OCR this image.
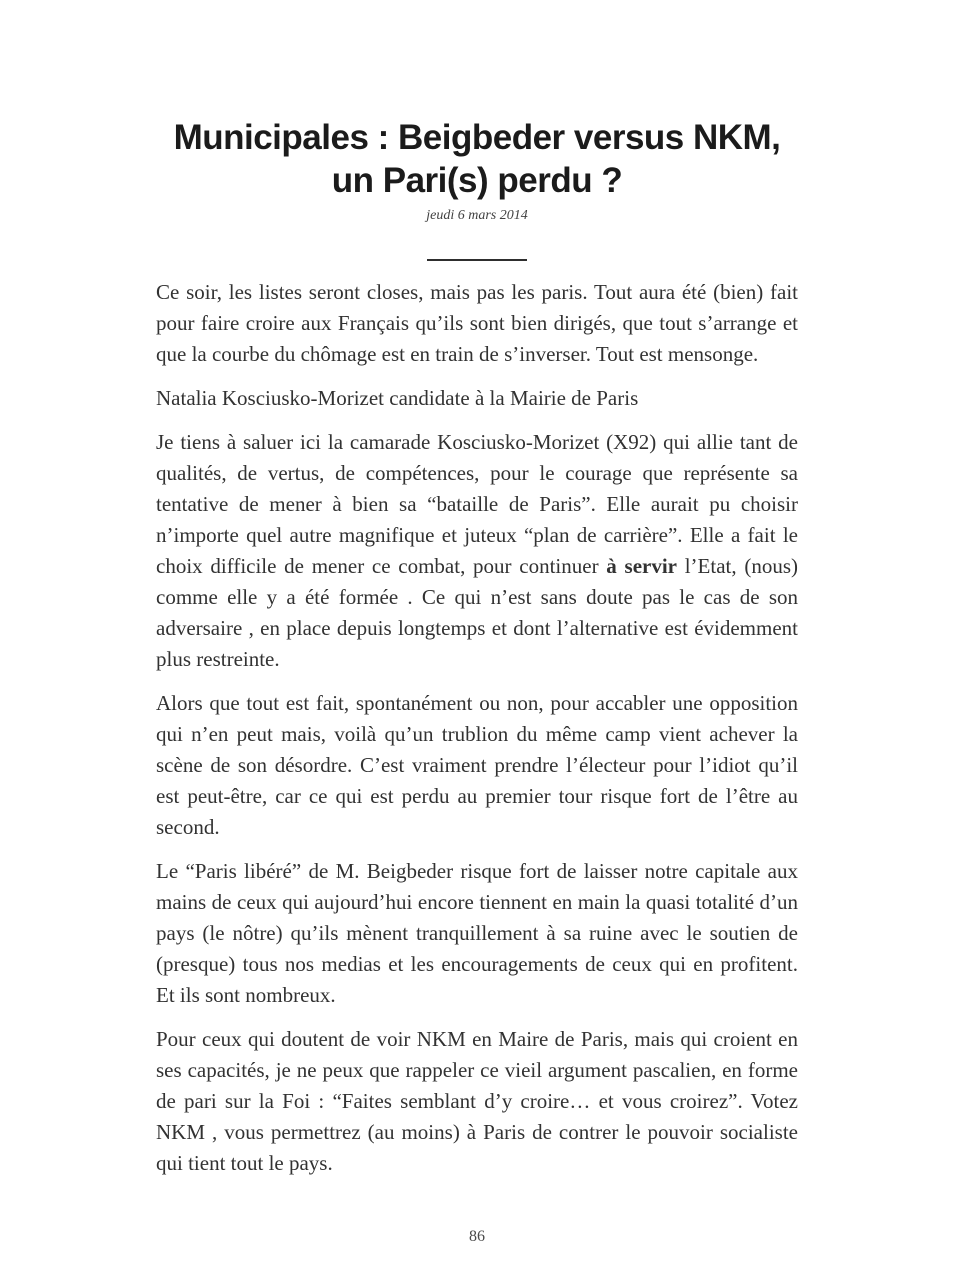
Municipales : Beigbeder versus NKM,
un Pari(s) perdu ?
jeudi 6 mars 2014

Ce soir, les listes seront closes, mais pas les paris. Tout aura été (bien) fait pour faire croire aux Français qu’ils sont bien dirigés, que tout s’arrange et que la courbe du chômage est en train de s’inverser. Tout est mensonge.

Natalia Kosciusko-Morizet candidate à la Mairie de Paris

Je tiens à saluer ici la camarade Kosciusko-Morizet (X92) qui allie tant de qualités, de vertus, de compétences, pour le courage que représente sa tentative de mener à bien sa “bataille de Paris”. Elle aurait pu choisir n’importe quel autre magnifique et juteux “plan de carrière”. Elle a fait le choix difficile de mener ce combat, pour continuer à servir l’Etat, (nous) comme elle y a été formée . Ce qui n’est sans doute pas le cas de son adversaire , en place depuis longtemps et dont l’alternative est évidemment plus restreinte.

Alors que tout est fait, spontanément ou non, pour accabler une opposition qui n’en peut mais, voilà qu’un trublion du même camp vient achever la scène de son désordre. C’est vraiment prendre l’électeur pour l’idiot qu’il est peut-être, car ce qui est perdu au premier tour risque fort de l’être au second.

Le “Paris libéré” de M. Beigbeder risque fort de laisser notre capitale aux mains de ceux qui aujourd’hui encore tiennent en main la quasi totalité d’un pays (le nôtre) qu’ils mènent tranquillement à sa ruine avec le soutien de (presque) tous nos medias et les encouragements de ceux qui en profitent. Et ils sont nombreux.

Pour ceux qui doutent de voir NKM en Maire de Paris, mais qui croient en ses capacités, je ne peux que rappeler ce vieil argument pascalien, en forme de pari sur la Foi : “Faites semblant d’y croire… et vous croirez”. Votez NKM , vous permettrez (au moins) à Paris de contrer le pouvoir socialiste qui tient tout le pays.

86
